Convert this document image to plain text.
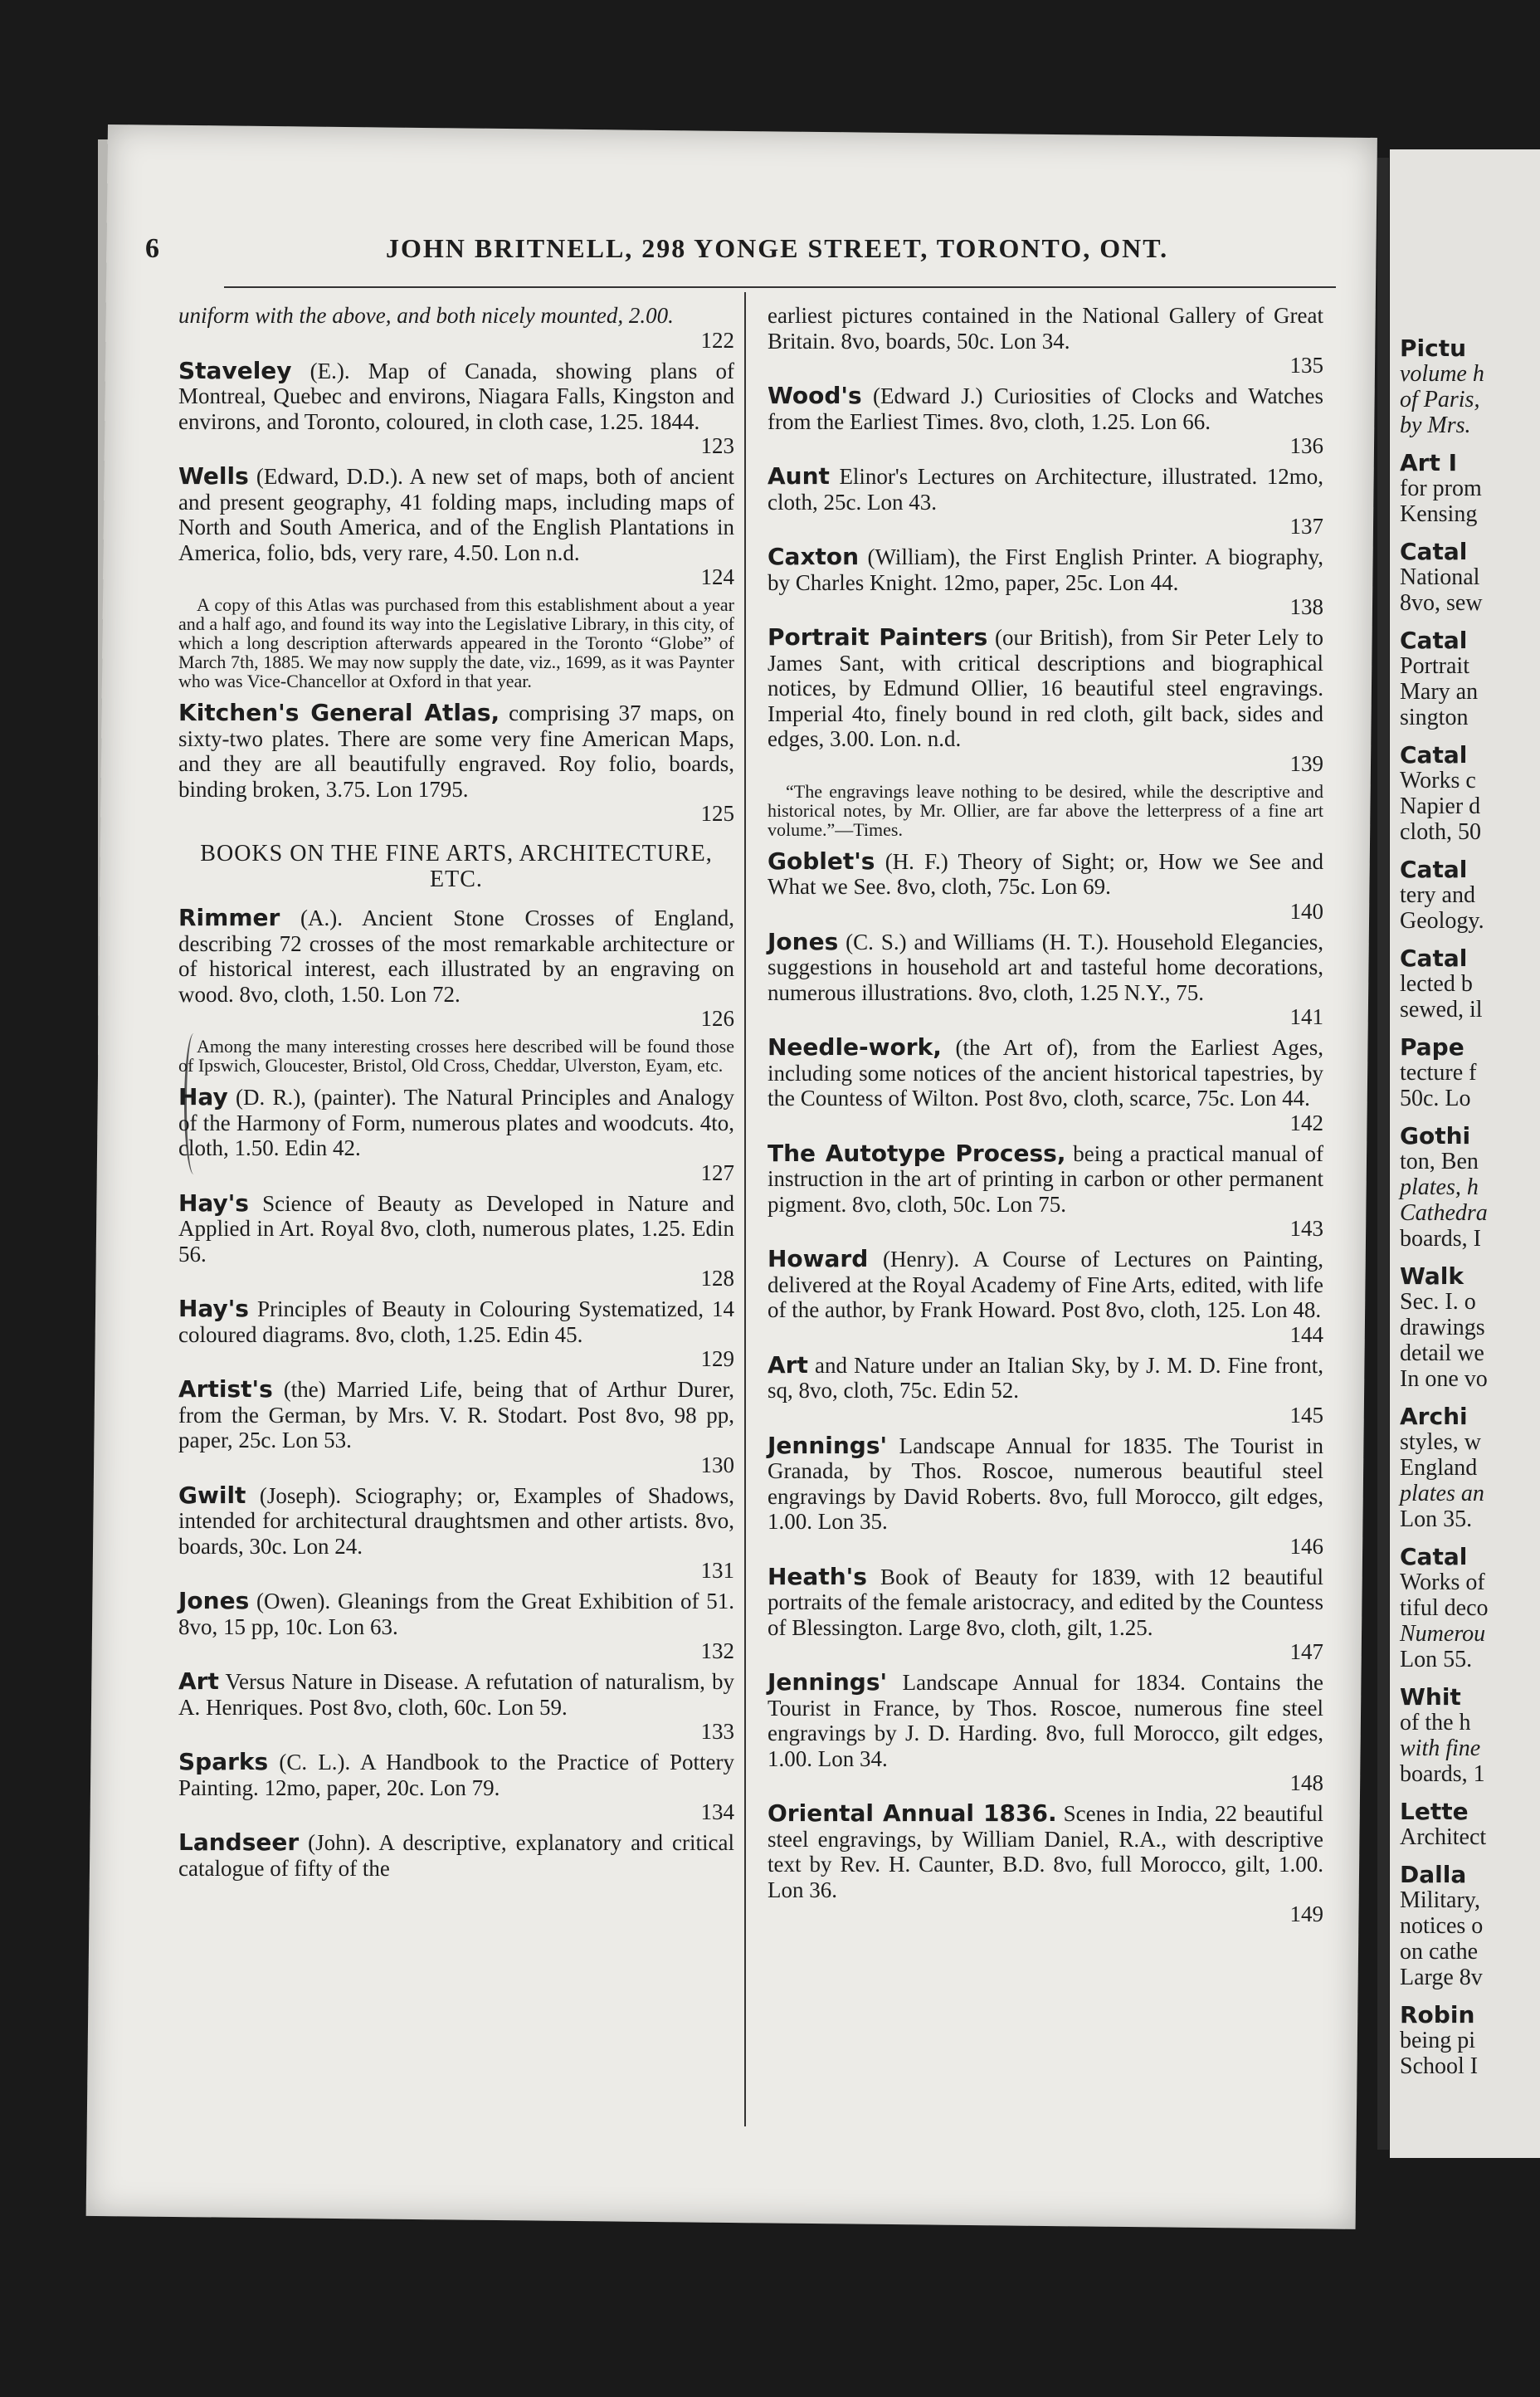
Pictu
volume h
of Paris,
by Mrs.
Art I
for prom
Kensing
Catal
National
8vo, sew
Catal
Portrait
Mary an
sington
Catal
Works c
Napier d
cloth, 50
Catal
tery and
Geology.
Catal
lected b
sewed, il
Pape
tecture f
50c. Lo
Gothi
ton, Ben
plates, h
Cathedra
boards, I
Walk
Sec. I. o
drawings
detail we
In one vo
Archi
styles, w
England
plates an
Lon 35.
Catal
Works of
tiful deco
Numerou
Lon 55.
Whit
of the h
with fine
boards, 1
Lette
Architect
Dalla
Military,
notices o
on cathe
Large 8v
Robin
being pi
School I
6	JOHN BRITNELL, 298 YONGE STREET, TORONTO, ONT.
uniform with the above, and both nicely mounted, 2.00.
122
Staveley (E.). Map of Canada, showing plans of Montreal, Quebec and environs, Niagara Falls, Kingston and environs, and Toronto, coloured, in cloth case, 1.25. 1844.
123
Wells (Edward, D.D.). A new set of maps, both of ancient and present geography, 41 folding maps, including maps of North and South America, and of the English Plantations in America, folio, bds, very rare, 4.50. Lon n.d.
124
A copy of this Atlas was purchased from this establishment about a year and a half ago, and found its way into the Legislative Library, in this city, of which a long description afterwards appeared in the Toronto “Globe” of March 7th, 1885. We may now supply the date, viz., 1699, as it was Paynter who was Vice-Chancellor at Oxford in that year.
Kitchen's General Atlas, comprising 37 maps, on sixty-two plates. There are some very fine American Maps, and they are all beautifully engraved. Roy folio, boards, binding broken, 3.75. Lon 1795.
125
BOOKS ON THE FINE ARTS, ARCHITECTURE, ETC.
Rimmer (A.). Ancient Stone Crosses of England, describing 72 crosses of the most remarkable architecture or of historical interest, each illustrated by an engraving on wood. 8vo, cloth, 1.50. Lon 72.
126
Among the many interesting crosses here described will be found those of Ipswich, Gloucester, Bristol, Old Cross, Cheddar, Ulverston, Eyam, etc.
Hay (D. R.), (painter). The Natural Principles and Analogy of the Harmony of Form, numerous plates and woodcuts. 4to, cloth, 1.50. Edin 42.
127
Hay's Science of Beauty as Developed in Nature and Applied in Art. Royal 8vo, cloth, numerous plates, 1.25. Edin 56.
128
Hay's Principles of Beauty in Colouring Systematized, 14 coloured diagrams. 8vo, cloth, 1.25. Edin 45.
129
Artist's (the) Married Life, being that of Arthur Durer, from the German, by Mrs. V. R. Stodart. Post 8vo, 98 pp, paper, 25c. Lon 53.
130
Gwilt (Joseph). Sciography; or, Examples of Shadows, intended for architectural draughtsmen and other artists. 8vo, boards, 30c. Lon 24.
131
Jones (Owen). Gleanings from the Great Exhibition of 51. 8vo, 15 pp, 10c. Lon 63.
132
Art Versus Nature in Disease. A refutation of naturalism, by A. Henriques. Post 8vo, cloth, 60c. Lon 59.
133
Sparks (C. L.). A Handbook to the Practice of Pottery Painting. 12mo, paper, 20c. Lon 79.
134
Landseer (John). A descriptive, explanatory and critical catalogue of fifty of the
earliest pictures contained in the National Gallery of Great Britain. 8vo, boards, 50c. Lon 34.
135
Wood's (Edward J.) Curiosities of Clocks and Watches from the Earliest Times. 8vo, cloth, 1.25. Lon 66.
136
Aunt Elinor's Lectures on Architecture, illustrated. 12mo, cloth, 25c. Lon 43.
137
Caxton (William), the First English Printer. A biography, by Charles Knight. 12mo, paper, 25c. Lon 44.
138
Portrait Painters (our British), from Sir Peter Lely to James Sant, with critical descriptions and biographical notices, by Edmund Ollier, 16 beautiful steel engravings. Imperial 4to, finely bound in red cloth, gilt back, sides and edges, 3.00. Lon. n.d.
139
“The engravings leave nothing to be desired, while the descriptive and historical notes, by Mr. Ollier, are far above the letterpress of a fine art volume.”—Times.
Goblet's (H. F.) Theory of Sight; or, How we See and What we See. 8vo, cloth, 75c. Lon 69.
140
Jones (C. S.) and Williams (H. T.). Household Elegancies, suggestions in household art and tasteful home decorations, numerous illustrations. 8vo, cloth, 1.25 N.Y., 75.
141
Needle-work, (the Art of), from the Earliest Ages, including some notices of the ancient historical tapestries, by the Countess of Wilton. Post 8vo, cloth, scarce, 75c. Lon 44.
142
The Autotype Process, being a practical manual of instruction in the art of printing in carbon or other permanent pigment. 8vo, cloth, 50c. Lon 75.
143
Howard (Henry). A Course of Lectures on Painting, delivered at the Royal Academy of Fine Arts, edited, with life of the author, by Frank Howard. Post 8vo, cloth, 125. Lon 48.
144
Art and Nature under an Italian Sky, by J. M. D. Fine front, sq, 8vo, cloth, 75c. Edin 52.
145
Jennings' Landscape Annual for 1835. The Tourist in Granada, by Thos. Roscoe, numerous beautiful steel engravings by David Roberts. 8vo, full Morocco, gilt edges, 1.00. Lon 35.
146
Heath's Book of Beauty for 1839, with 12 beautiful portraits of the female aristocracy, and edited by the Countess of Blessington. Large 8vo, cloth, gilt, 1.25.
147
Jennings' Landscape Annual for 1834. Contains the Tourist in France, by Thos. Roscoe, numerous fine steel engravings by J. D. Harding. 8vo, full Morocco, gilt edges, 1.00. Lon 34.
148
Oriental Annual 1836. Scenes in India, 22 beautiful steel engravings, by William Daniel, R.A., with descriptive text by Rev. H. Caunter, B.D. 8vo, full Morocco, gilt, 1.00. Lon 36.
149
